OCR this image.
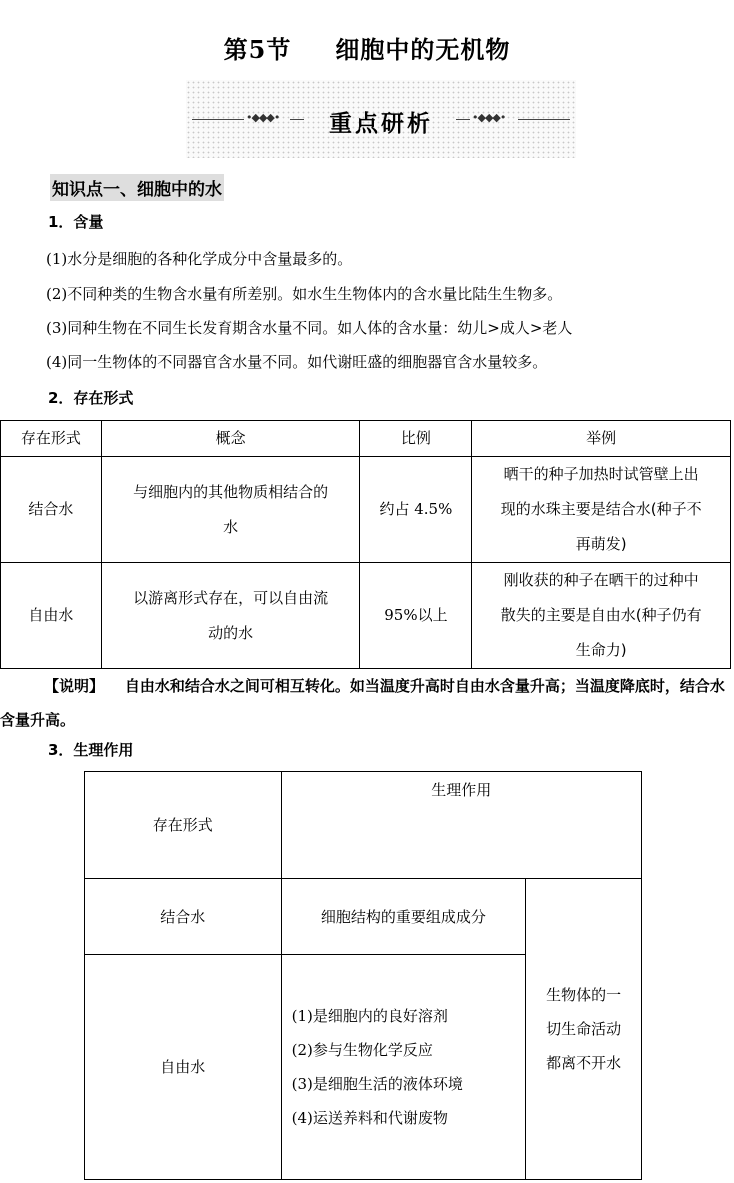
第5节 细胞中的无机物
•◆◆◆•	重点研析	•◆◆◆•
知识点一、细胞中的水
1．含量
(1)水分是细胞的各种化学成分中含量最多的。
(2)不同种类的生物含水量有所差别。如水生生物体内的含水量比陆生生物多。
(3)同种生物在不同生长发育期含水量不同。如人体的含水量：幼儿>成人>老人
(4)同一生物体的不同器官含水量不同。如代谢旺盛的细胞器官含水量较多。
2．存在形式
存在形式	概念	比例	举例
结合水	与细胞内的其他物质相结合的
水	约占 4.5%	晒干的种子加热时试管壁上出
现的水珠主要是结合水(种子不
再萌发)
自由水	以游离形式存在，可以自由流
动的水	95%以上	刚收获的种子在晒干的过种中
散失的主要是自由水(种子仍有
生命力)
【说明】 自由水和结合水之间可相互转化。如当温度升高时自由水含量升高；当温度降底时，结合水含量升高。
3．生理作用
存在形式	生理作用	
结合水	细胞结构的重要组成成分	生物体的一
切生命活动
都离不开水
自由水	(1)是细胞内的良好溶剂
(2)参与生物化学反应
(3)是细胞生活的液体环境
(4)运送养料和代谢废物	
